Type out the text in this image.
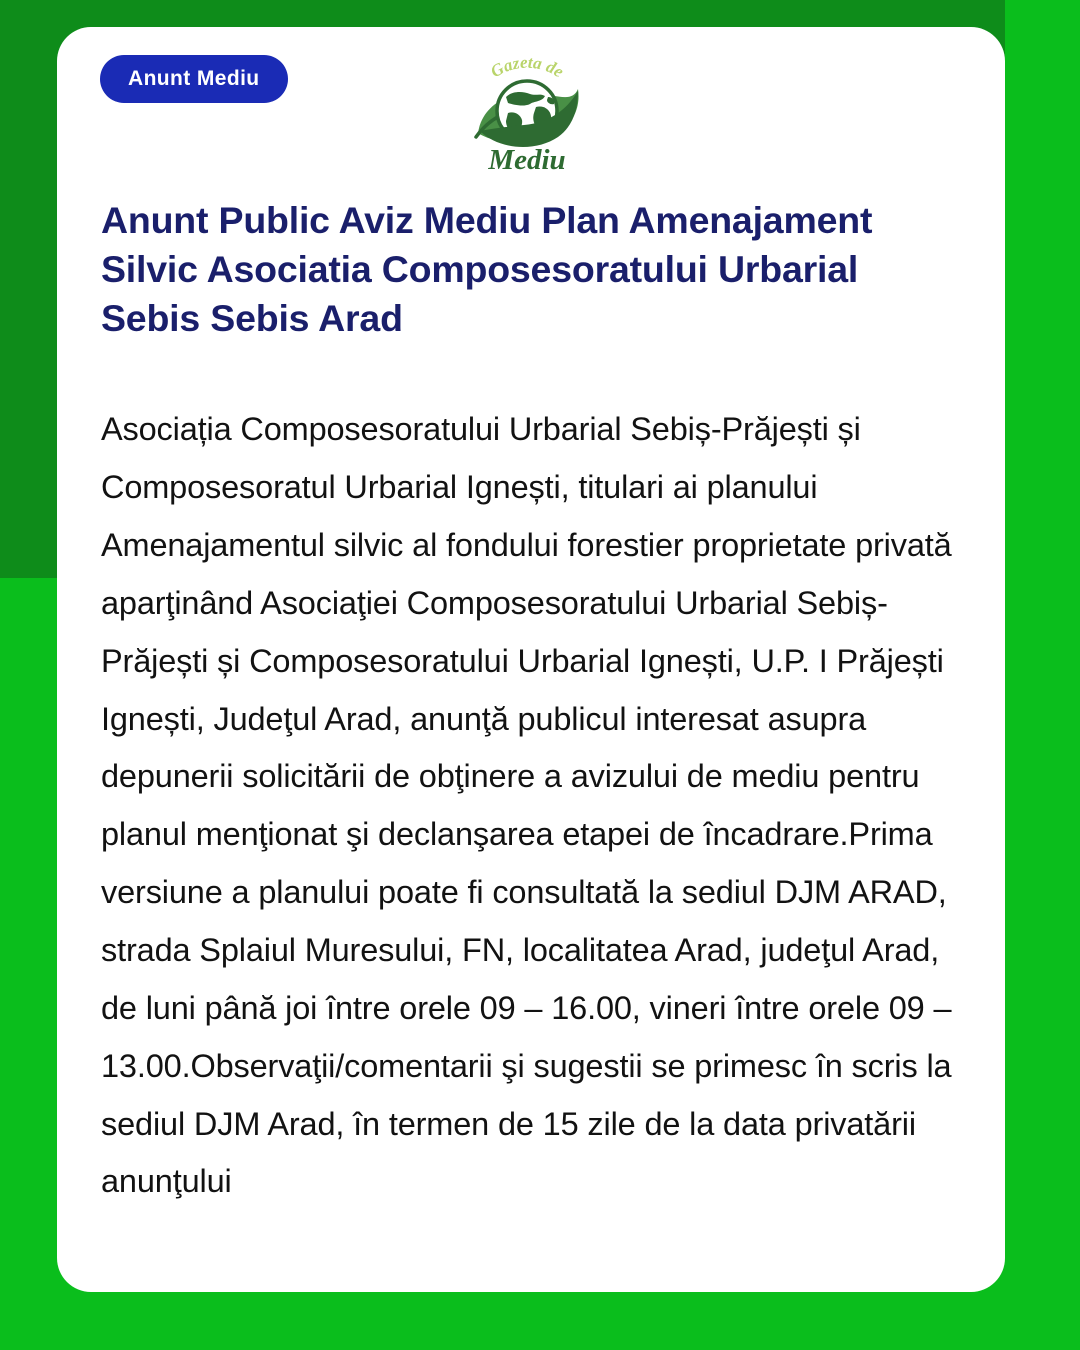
Anunt Mediu	Gazeta de
Mediu
Anunt Public Aviz Mediu Plan Amenajament Silvic Asociatia Composesoratului Urbarial Sebis Sebis Arad

Asociația Composesoratului Urbarial Sebiș-Prăjești și Composesoratul Urbarial Ignești, titulari ai planului Amenajamentul silvic al fondului forestier proprietate privată aparţinând Asociaţiei Composesoratului Urbarial Sebiș-Prăjești și Composesoratului Urbarial Ignești, U.P. I Prăjești Ignești, Judeţul Arad, anunţă publicul interesat asupra depunerii solicitării de obţinere a avizului de mediu pentru planul menţionat şi declanşarea etapei de încadrare.Prima versiune a planului poate fi consultată la sediul DJM ARAD, strada Splaiul Muresului, FN, localitatea Arad, judeţul Arad, de luni până joi între orele 09 – 16.00, vineri între orele 09 – 13.00.Observaţii/comentarii şi sugestii se primesc în scris la sediul DJM Arad, în termen de 15 zile de la data privatării anunţului
